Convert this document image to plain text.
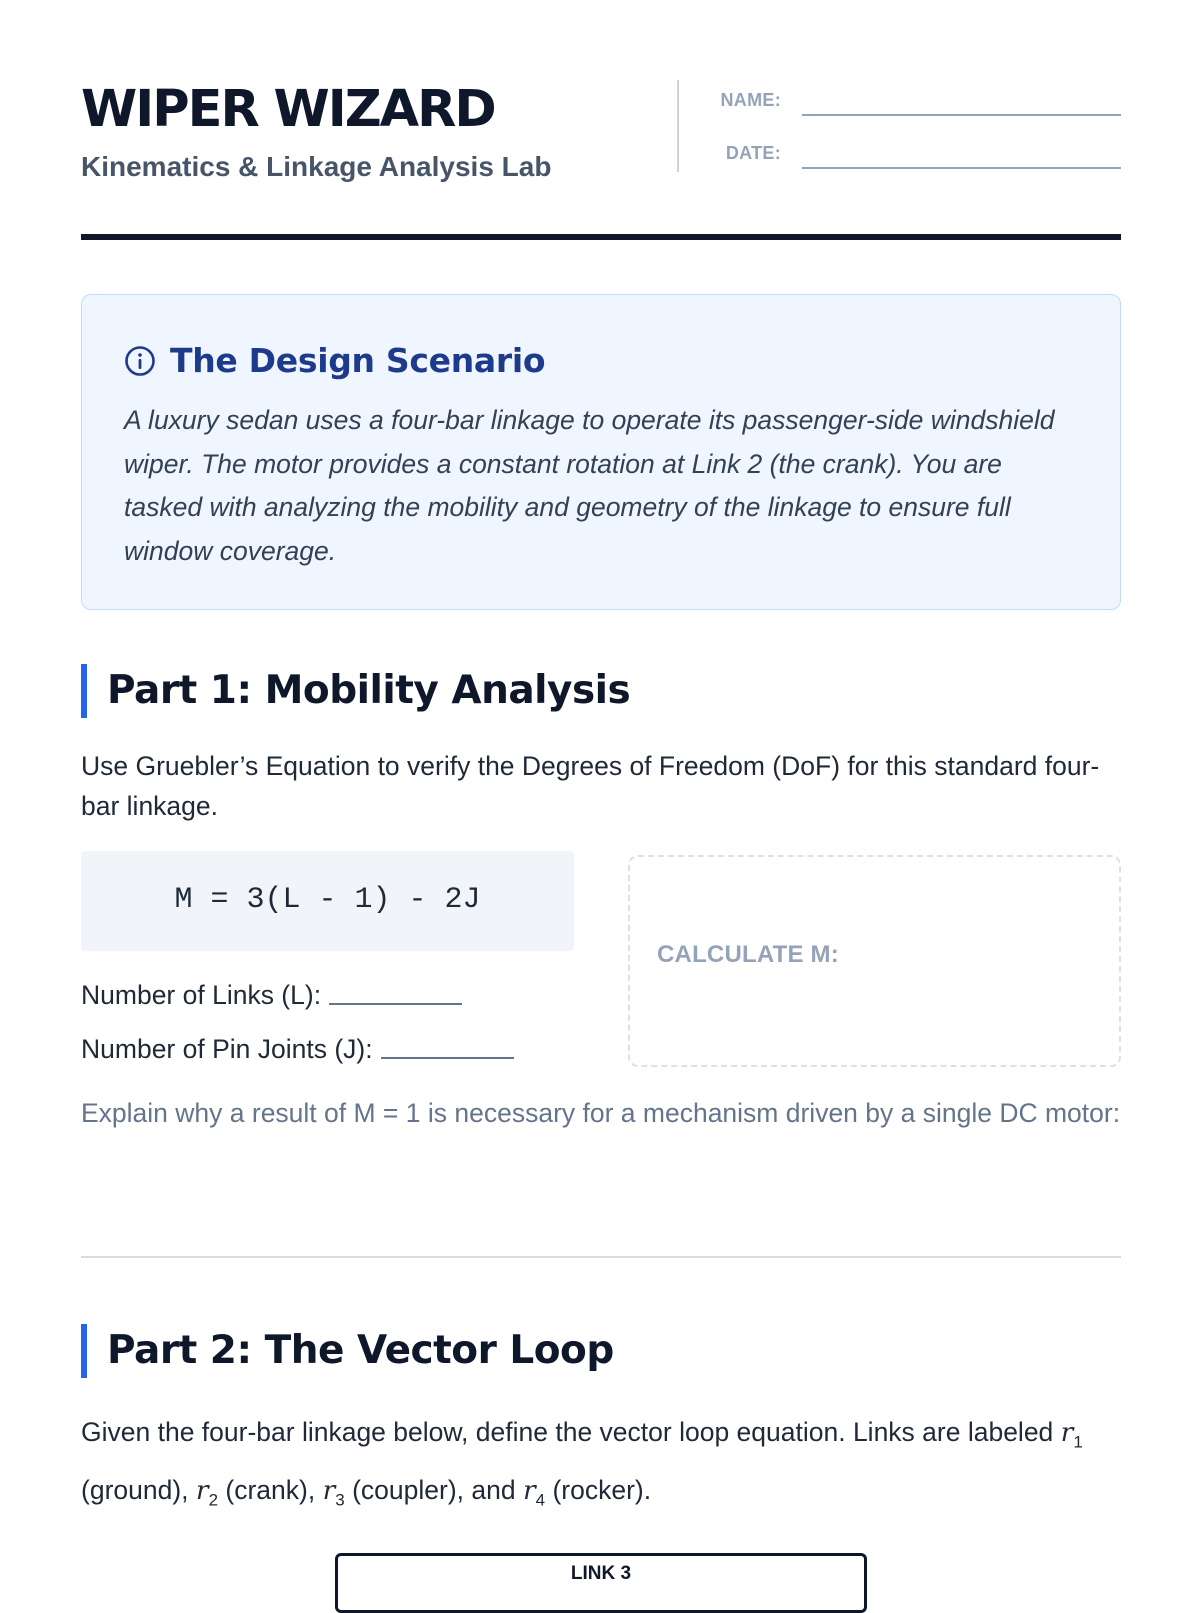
WIPER WIZARD

Kinematics & Linkage Analysis Lab

NAME:
DATE:
The Design Scenario

A luxury sedan uses a four-bar linkage to operate its passenger-side windshield wiper. The motor provides a constant rotation at Link 2 (the crank). You are tasked with analyzing the mobility and geometry of the linkage to ensure full window coverage.

Part 1: Mobility Analysis

Use Gruebler’s Equation to verify the Degrees of Freedom (DoF) for this standard four-bar linkage.

M = 3(L - 1) - 2J
Number of Links (L):
Number of Pin Joints (J):
CALCULATE M:

Explain why a result of M = 1 is necessary for a mechanism driven by a single DC motor:

Part 2: The Vector Loop

Given the four-bar linkage below, define the vector loop equation. Links are labeled $r_1$ (ground), $r_2$ (crank), $r_3$ (coupler), and $r_4$ (rocker).

LINK 3
